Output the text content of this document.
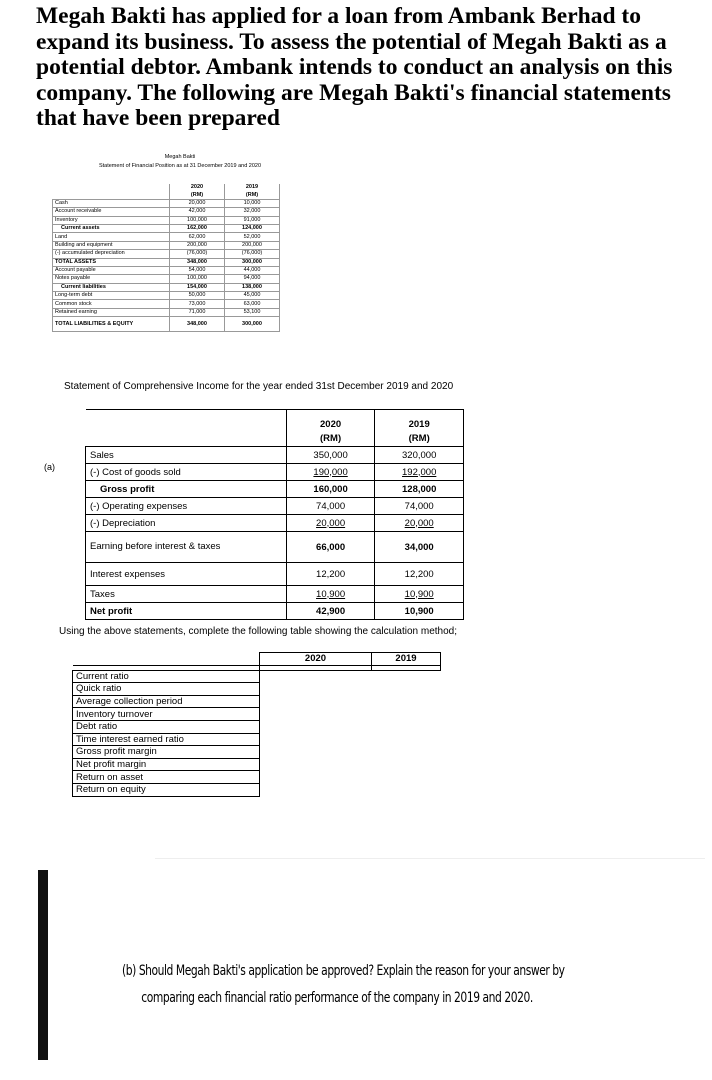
Megah Bakti has applied for a loan from Ambank Berhad to expand its business. To assess the potential of Megah Bakti as a potential debtor. Ambank intends to conduct an analysis on this company. The following are Megah Bakti's financial statements that have been prepared

Megah Bakti

Statement of Financial Position as at 31 December 2019 and 2020

	2020	2019
	(RM)	(RM)
Cash	20,000	10,000
Account receivable	42,000	32,000
Inventory	100,000	91,000
Current assets	162,000	124,000
Land	62,000	52,000
Building and equipment	200,000	200,000
(-) accumulated depreciation	(76,000)	(76,000)
TOTAL ASSETS	348,000	300,000
Account payable	54,000	44,000
Notes payable	100,000	94,000
Current liabilities	154,000	138,000
Long-term debt	50,000	45,000
Common stock	73,000	63,000
Retained earning	71,000	53,100
TOTAL LIABILITIES & EQUITY	348,000	300,000

Statement of Comprehensive Income for the year ended 31st December 2019 and 2020

(a)
	2020	2019
	(RM)	(RM)
Sales	350,000	320,000
(-) Cost of goods sold	190,000	192,000
Gross profit	160,000	128,000
(-) Operating expenses	74,000	74,000
(-) Depreciation	20,000	20,000
Earning before interest & taxes	66,000	34,000
Interest expenses	12,200	12,200
Taxes	10,900	10,900
Net profit	42,900	10,900

Using the above statements, complete the following table showing the calculation method;

	2020	2019

Current ratio		
Quick ratio		
Average collection period		
Inventory turnover		
Debt ratio		
Time interest earned ratio		
Gross profit margin		
Net profit margin		
Return on asset		
Return on equity		
(b) Should Megah Bakti's application be approved? Explain the reason for your answer by
comparing each financial ratio performance of the company in 2019 and 2020.
